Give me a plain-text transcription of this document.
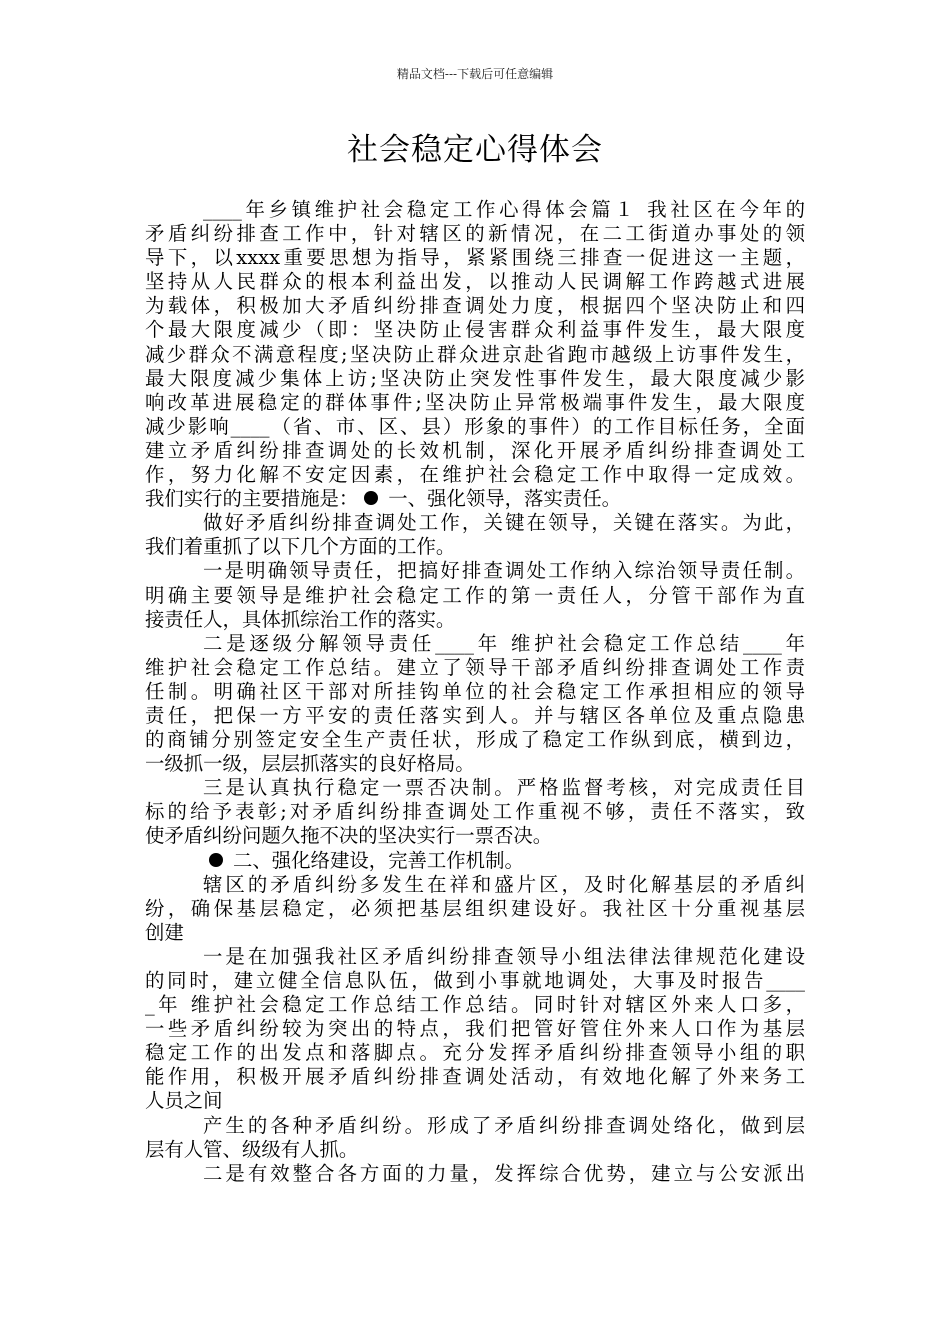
精品文档---下载后可任意编辑
社会稳定心得体会
____年乡镇维护社会稳定工作心得体会篇１ 我社区在今年的
矛盾纠纷排查工作中，针对辖区的新情况，在二工街道办事处的领
导下，以xxxx重要思想为指导，紧紧围绕三排查一促进这一主题，
坚持从人民群众的根本利益出发，以推动人民调解工作跨越式进展
为载体，积极加大矛盾纠纷排查调处力度，根据四个坚决防止和四
个最大限度减少（即：坚决防止侵害群众利益事件发生，最大限度
减少群众不满意程度;坚决防止群众进京赴省跑市越级上访事件发生，
最大限度减少集体上访;坚决防止突发性事件发生，最大限度减少影
响改革进展稳定的群体事件;坚决防止异常极端事件发生，最大限度
减少影响____（省、市、区、县）形象的事件）的工作目标任务，全面
建立矛盾纠纷排查调处的长效机制，深化开展矛盾纠纷排查调处工
作，努力化解不安定因素，在维护社会稳定工作中取得一定成效。
我们实行的主要措施是： 一、强化领导，落实责任。
做好矛盾纠纷排查调处工作，关键在领导，关键在落实。为此，
我们着重抓了以下几个方面的工作。
一是明确领导责任，把搞好排查调处工作纳入综治领导责任制。
明确主要领导是维护社会稳定工作的第一责任人，分管干部作为直
接责任人，具体抓综治工作的落实。
二是逐级分解领导责任____年 维护社会稳定工作总结____年
维护社会稳定工作总结。建立了领导干部矛盾纠纷排查调处工作责
任制。明确社区干部对所挂钩单位的社会稳定工作承担相应的领导
责任，把保一方平安的责任落实到人。并与辖区各单位及重点隐患
的商铺分别签定安全生产责任状，形成了稳定工作纵到底，横到边，
一级抓一级，层层抓落实的良好格局。
三是认真执行稳定一票否决制。严格监督考核，对完成责任目
标的给予表彰;对矛盾纠纷排查调处工作重视不够，责任不落实，致
使矛盾纠纷问题久拖不决的坚决实行一票否决。
二、强化络建设，完善工作机制。
辖区的矛盾纠纷多发生在祥和盛片区，及时化解基层的矛盾纠
纷，确保基层稳定，必须把基层组织建设好。我社区十分重视基层
创建
一是在加强我社区矛盾纠纷排查领导小组法律法律规范化建设
的同时，建立健全信息队伍，做到小事就地调处，大事及时报告____
_年 维护社会稳定工作总结工作总结。同时针对辖区外来人口多，
一些矛盾纠纷较为突出的特点，我们把管好管住外来人口作为基层
稳定工作的出发点和落脚点。充分发挥矛盾纠纷排查领导小组的职
能作用，积极开展矛盾纠纷排查调处活动，有效地化解了外来务工
人员之间
产生的各种矛盾纠纷。形成了矛盾纠纷排查调处络化，做到层
层有人管、级级有人抓。
二是有效整合各方面的力量，发挥综合优势，建立与公安派出
